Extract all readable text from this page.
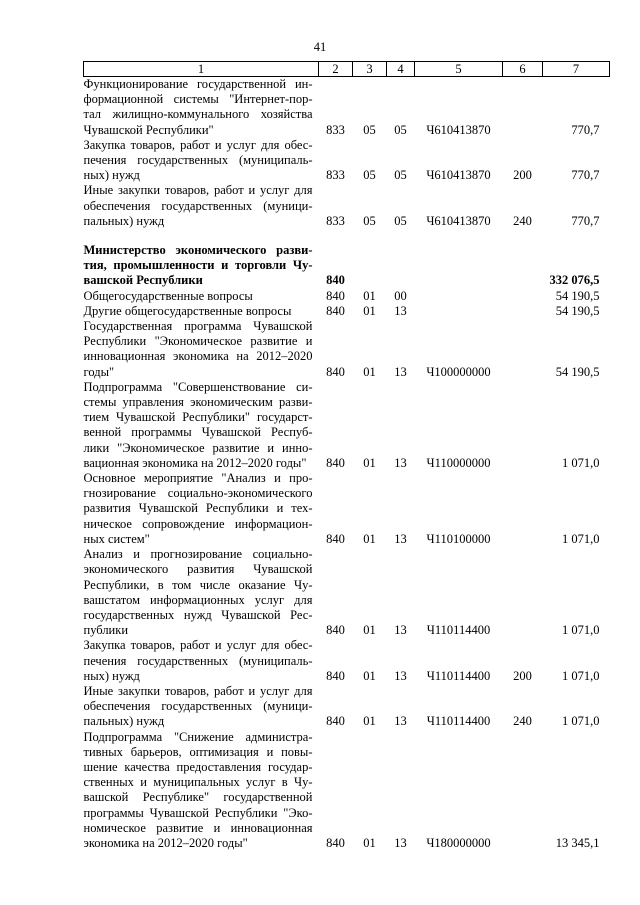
41
1	2	3	4	5	6	7
Функционирование государственной ин-формационной системы "Интернет-пор-тал жилищно-коммунального хозяйства Чувашской Республики"	833	05	05	Ч610413870		770,7
Закупка товаров, работ и услуг для обес-печения государственных (муниципаль-ных) нужд	833	05	05	Ч610413870	200	770,7
Иные закупки товаров, работ и услуг для обеспечения государственных (муници-пальных) нужд	833	05	05	Ч610413870	240	770,7

Министерство экономического разви-тия, промышленности и торговли Чу-вашской Республики	840					332 076,5
Общегосударственные вопросы	840	01	00			54 190,5
Другие общегосударственные вопросы	840	01	13			54 190,5
Государственная программа Чувашской Республики "Экономическое развитие и инновационная экономика на 2012–2020 годы"	840	01	13	Ч100000000		54 190,5
Подпрограмма "Совершенствование си-стемы управления экономическим разви-тием Чувашской Республики" государст-венной программы Чувашской Респуб-лики "Экономическое развитие и инно-вационная экономика на 2012–2020 годы"	840	01	13	Ч110000000		1 071,0
Основное мероприятие "Анализ и про-гнозирование социально-экономического развития Чувашской Республики и тех-ническое сопровождение информацион-ных систем"	840	01	13	Ч110100000		1 071,0
Анализ и прогнозирование социально-экономического развития Чувашской Республики, в том числе оказание Чу-вашстатом информационных услуг для государственных нужд Чувашской Рес-публики	840	01	13	Ч110114400		1 071,0
Закупка товаров, работ и услуг для обес-печения государственных (муниципаль-ных) нужд	840	01	13	Ч110114400	200	1 071,0
Иные закупки товаров, работ и услуг для обеспечения государственных (муници-пальных) нужд	840	01	13	Ч110114400	240	1 071,0
Подпрограмма "Снижение администра-тивных барьеров, оптимизация и повы-шение качества предоставления государ-ственных и муниципальных услуг в Чу-вашской Республике" государственной программы Чувашской Республики "Эко-номическое развитие и инновационная экономика на 2012–2020 годы"	840	01	13	Ч180000000		13 345,1
